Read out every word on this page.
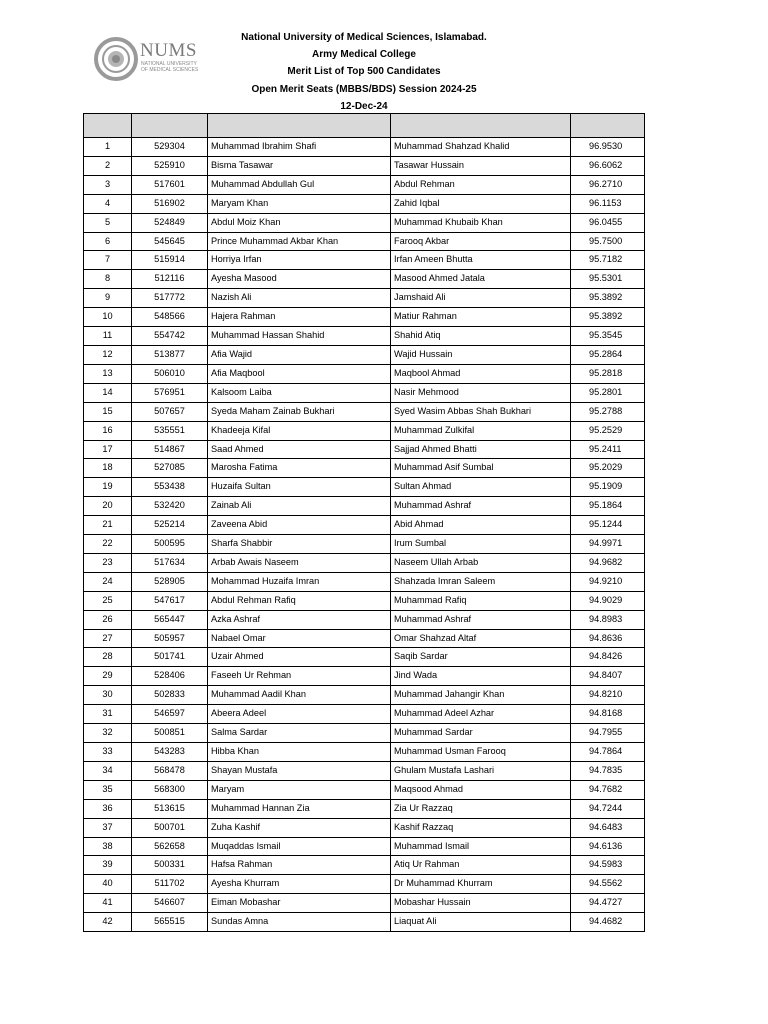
NUMS
NATIONAL UNIVERSITY OF MEDICAL SCIENCES
National University of Medical Sciences, Islamabad.
Army Medical College
Merit List of Top 500 Candidates
Open Merit Seats (MBBS/BDS) Session 2024-25
12-Dec-24

1	529304	Muhammad Ibrahim Shafi	Muhammad Shahzad Khalid	96.9530
2	525910	Bisma Tasawar	Tasawar Hussain	96.6062
3	517601	Muhammad Abdullah Gul	Abdul Rehman	96.2710
4	516902	Maryam Khan	Zahid Iqbal	96.1153
5	524849	Abdul Moiz Khan	Muhammad Khubaib Khan	96.0455
6	545645	Prince Muhammad Akbar Khan	Farooq Akbar	95.7500
7	515914	Horriya Irfan	Irfan Ameen Bhutta	95.7182
8	512116	Ayesha Masood	Masood Ahmed Jatala	95.5301
9	517772	Nazish Ali	Jamshaid Ali	95.3892
10	548566	Hajera Rahman	Matiur Rahman	95.3892
11	554742	Muhammad Hassan Shahid	Shahid Atiq	95.3545
12	513877	Afia Wajid	Wajid Hussain	95.2864
13	506010	Afia Maqbool	Maqbool Ahmad	95.2818
14	576951	Kalsoom Laiba	Nasir Mehmood	95.2801
15	507657	Syeda Maham Zainab Bukhari	Syed Wasim Abbas Shah Bukhari	95.2788
16	535551	Khadeeja Kifal	Muhammad Zulkifal	95.2529
17	514867	Saad Ahmed	Sajjad Ahmed Bhatti	95.2411
18	527085	Marosha Fatima	Muhammad Asif Sumbal	95.2029
19	553438	Huzaifa Sultan	Sultan Ahmad	95.1909
20	532420	Zainab Ali	Muhammad Ashraf	95.1864
21	525214	Zaveena Abid	Abid Ahmad	95.1244
22	500595	Sharfa Shabbir	Irum Sumbal	94.9971
23	517634	Arbab Awais Naseem	Naseem Ullah Arbab	94.9682
24	528905	Mohammad Huzaifa Imran	Shahzada Imran Saleem	94.9210
25	547617	Abdul Rehman Rafiq	Muhammad Rafiq	94.9029
26	565447	Azka Ashraf	Muhammad Ashraf	94.8983
27	505957	Nabael Omar	Omar Shahzad Altaf	94.8636
28	501741	Uzair Ahmed	Saqib Sardar	94.8426
29	528406	Faseeh Ur Rehman	Jind Wada	94.8407
30	502833	Muhammad Aadil Khan	Muhammad Jahangir Khan	94.8210
31	546597	Abeera Adeel	Muhammad Adeel Azhar	94.8168
32	500851	Salma Sardar	Muhammad Sardar	94.7955
33	543283	Hibba Khan	Muhammad Usman Farooq	94.7864
34	568478	Shayan Mustafa	Ghulam Mustafa Lashari	94.7835
35	568300	Maryam	Maqsood Ahmad	94.7682
36	513615	Muhammad Hannan Zia	Zia Ur Razzaq	94.7244
37	500701	Zuha Kashif	Kashif Razzaq	94.6483
38	562658	Muqaddas Ismail	Muhammad Ismail	94.6136
39	500331	Hafsa Rahman	Atiq Ur Rahman	94.5983
40	511702	Ayesha Khurram	Dr Muhammad Khurram	94.5562
41	546607	Eiman Mobashar	Mobashar Hussain	94.4727
42	565515	Sundas Amna	Liaquat Ali	94.4682
